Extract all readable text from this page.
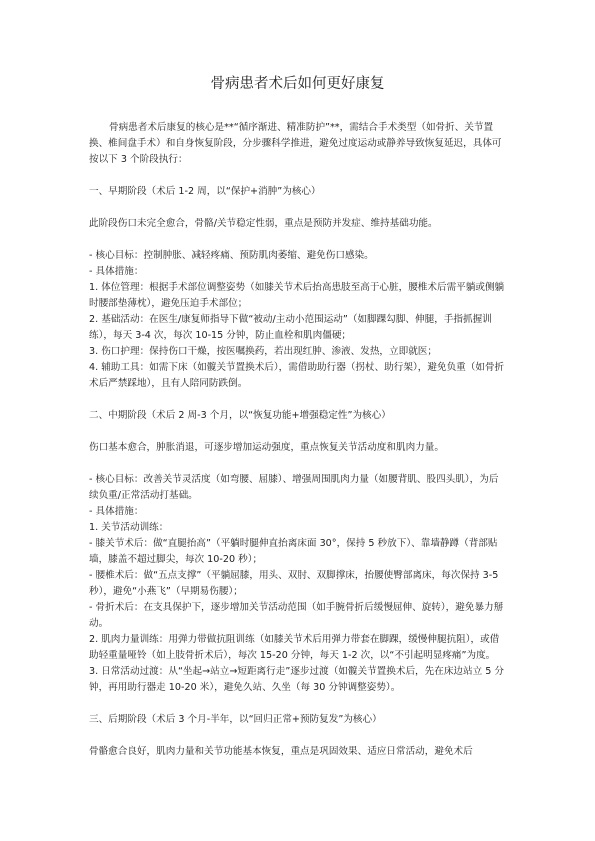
骨病患者术后如何更好康复

骨病患者术后康复的核心是**“循序渐进、精准防护”**，需结合手术类型（如骨折、关节置换、椎间盘手术）和自身恢复阶段，分步骤科学推进，避免过度运动或静养导致恢复延迟，具体可按以下 3 个阶段执行：

一、早期阶段（术后 1-2 周，以“保护+消肿”为核心）

此阶段伤口未完全愈合，骨骼/关节稳定性弱，重点是预防并发症、维持基础功能。

- 核心目标：控制肿胀、减轻疼痛、预防肌肉萎缩、避免伤口感染。

- 具体措施：

1. 体位管理：根据手术部位调整姿势（如膝关节术后抬高患肢至高于心脏，腰椎术后需平躺或侧躺时腰部垫薄枕），避免压迫手术部位；

2. 基础活动：在医生/康复师指导下做“被动/主动小范围运动”（如脚踝勾脚、伸腿，手指抓握训练），每天 3-4 次，每次 10-15 分钟，防止血栓和肌肉僵硬；

3. 伤口护理：保持伤口干燥，按医嘱换药，若出现红肿、渗液、发热，立即就医；

4. 辅助工具：如需下床（如髋关节置换术后），需借助助行器（拐杖、助行架），避免负重（如骨折术后严禁踩地），且有人陪同防跌倒。

二、中期阶段（术后 2 周-3 个月，以“恢复功能+增强稳定性”为核心）

伤口基本愈合，肿胀消退，可逐步增加运动强度，重点恢复关节活动度和肌肉力量。

- 核心目标：改善关节灵活度（如弯腰、屈膝）、增强周围肌肉力量（如腰背肌、股四头肌），为后续负重/正常活动打基础。

- 具体措施：

1. 关节活动训练：

- 膝关节术后：做“直腿抬高”（平躺时腿伸直抬离床面 30°，保持 5 秒放下）、靠墙静蹲（背部贴墙，膝盖不超过脚尖，每次 10-20 秒）；

- 腰椎术后：做“五点支撑”（平躺屈膝，用头、双肘、双脚撑床，抬腰使臀部离床，每次保持 3-5 秒），避免“小燕飞”（早期易伤腰）；

- 骨折术后：在支具保护下，逐步增加关节活动范围（如手腕骨折后缓慢屈伸、旋转），避免暴力掰动。

2. 肌肉力量训练：用弹力带做抗阻训练（如膝关节术后用弹力带套在脚踝，缓慢伸腿抗阻），或借助轻重量哑铃（如上肢骨折术后），每次 15-20 分钟，每天 1-2 次，以“不引起明显疼痛”为度。

3. 日常活动过渡：从“坐起→站立→短距离行走”逐步过渡（如髋关节置换术后，先在床边站立 5 分钟，再用助行器走 10-20 米），避免久站、久坐（每 30 分钟调整姿势）。

三、后期阶段（术后 3 个月-半年，以“回归正常+预防复发”为核心）

骨骼愈合良好，肌肉力量和关节功能基本恢复，重点是巩固效果、适应日常活动，避免术后
